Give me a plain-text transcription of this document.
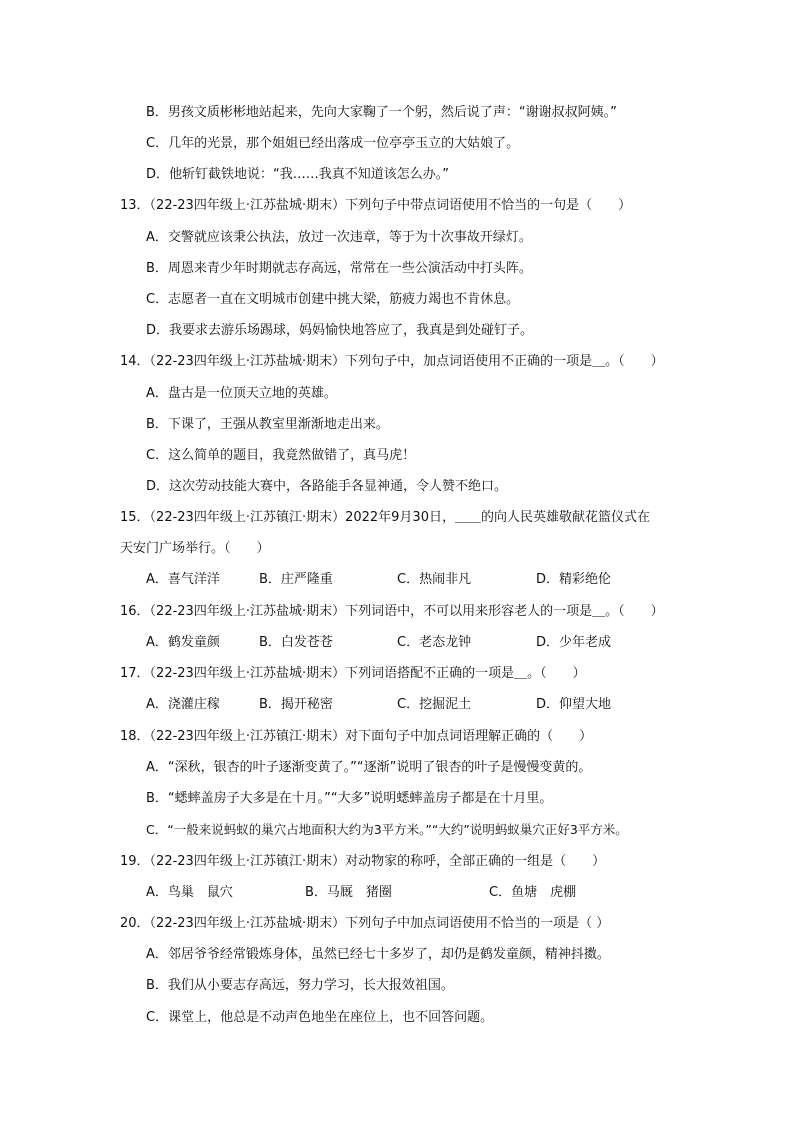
B．男孩文质彬彬地站起来，先向大家鞠了一个躬，然后说了声：“谢谢叔叔阿姨。”
C．几年的光景，那个姐姐已经出落成一位亭亭玉立的大姑娘了。
D．他斩钉截铁地说：“我……我真不知道该怎么办。”
13．（22-23四年级上·江苏盐城·期末）下列句子中带点词语使用不恰当的一句是（　　）
A．交警就应该秉公执法，放过一次违章，等于为十次事故开绿灯。
B．周恩来青少年时期就志存高远，常常在一些公演活动中打头阵。
C．志愿者一直在文明城市创建中挑大梁，筋疲力竭也不肯休息。
D．我要求去游乐场踢球，妈妈愉快地答应了，我真是到处碰钉子。
14．（22-23四年级上·江苏盐城·期末）下列句子中，加点词语使用不正确的一项是＿。（　　）
A．盘古是一位顶天立地的英雄。
B．下课了，王强从教室里渐渐地走出来。
C．这么简单的题目，我竟然做错了，真马虎！
D．这次劳动技能大赛中，各路能手各显神通，令人赞不绝口。
15．（22-23四年级上·江苏镇江·期末）2022年9月30日，＿＿的向人民英雄敬献花篮仪式在
天安门广场举行。（　　）
A．喜气洋洋	B．庄严隆重	C．热闹非凡	D．精彩绝伦
16．（22-23四年级上·江苏盐城·期末）下列词语中，不可以用来形容老人的一项是＿。（　　）
A．鹤发童颜	B．白发苍苍	C．老态龙钟	D．少年老成
17．（22-23四年级上·江苏盐城·期末）下列词语搭配不正确的一项是＿。（　　）
A．浇灌庄稼	B．揭开秘密	C．挖掘泥土	D．仰望大地
18．（22-23四年级上·江苏镇江·期末）对下面句子中加点词语理解正确的（　　）
A．“深秋，银杏的叶子逐渐变黄了。”“逐渐”说明了银杏的叶子是慢慢变黄的。
B．“蟋蟀盖房子大多是在十月。”“大多”说明蟋蟀盖房子都是在十月里。
C．“一般来说蚂蚁的巢穴占地面积大约为3平方米。”“大约”说明蚂蚁巢穴正好3平方米。
19．（22-23四年级上·江苏镇江·期末）对动物家的称呼，全部正确的一组是（　　）
A．鸟巢　鼠穴	B．马厩　猪圈	C．鱼塘　虎棚
20．（22-23四年级上·江苏盐城·期末）下列句子中加点词语使用不恰当的一项是（ ）
A．邻居爷爷经常锻炼身体，虽然已经七十多岁了，却仍是鹤发童颜，精神抖擞。
B．我们从小要志存高远，努力学习，长大报效祖国。
C．课堂上，他总是不动声色地坐在座位上，也不回答问题。
